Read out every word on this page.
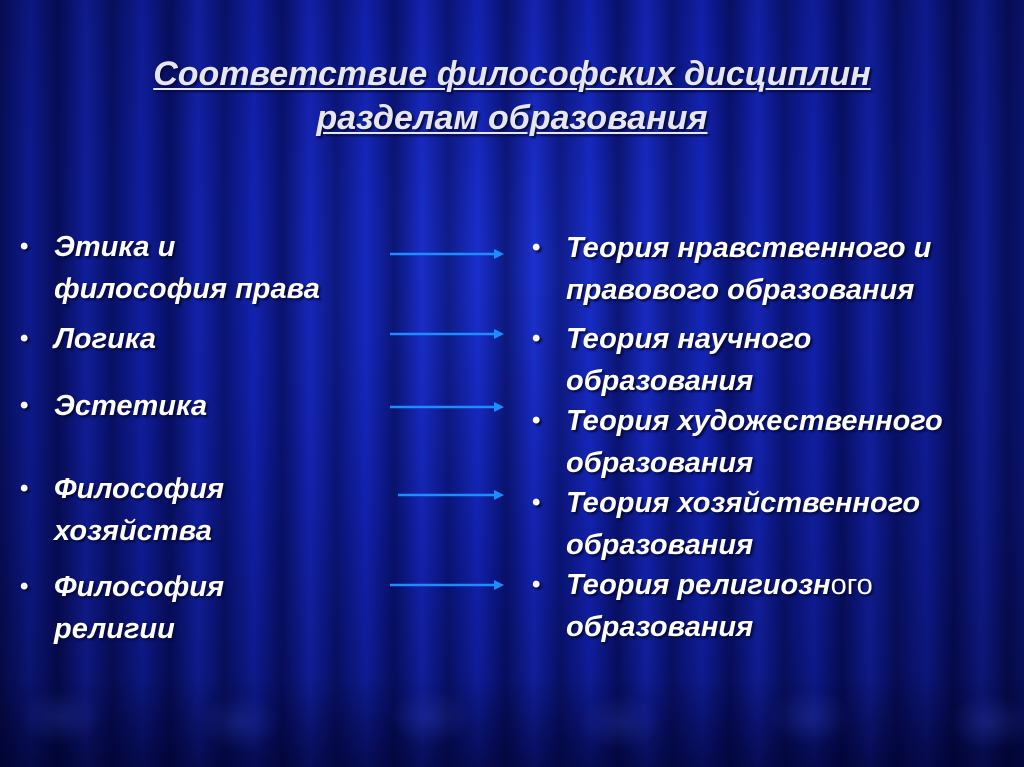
Соответствие философских дисциплин
разделам образования
• Этика и
философия права
• Логика
• Эстетика
• Философия
хозяйства
• Философия
религии
• Теория нравственного и
правового образования
• Теория научного
образования
• Теория художественного
образования
• Теория хозяйственного
образования
• Теория религиозного
образования
